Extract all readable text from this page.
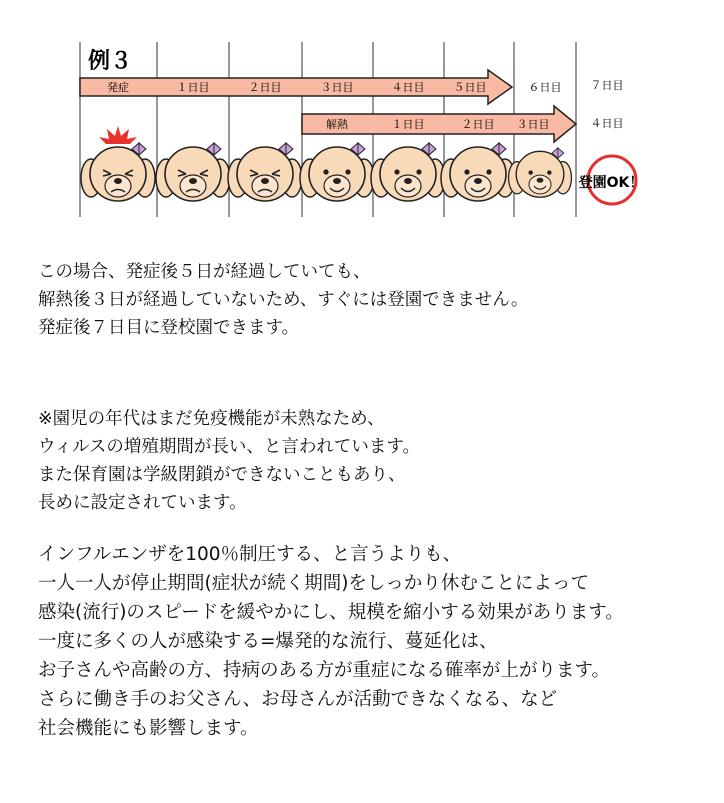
例３
発症	１日目	２日目	３日目	４日目	５日目	６日目	７日目
解熱	１日目	２日目 ３日目	４日目
登園OK！
この場合、発症後５日が経過していても、
解熱後３日が経過していないため、すぐには登園できません。
発症後７日目に登校園できます。
※園児の年代はまだ免疫機能が未熟なため、
ウィルスの増殖期間が長い、と言われています。
また保育園は学級閉鎖ができないこともあり、
長めに設定されています。
インフルエンザを100％制圧する、と言うよりも、
一人一人が停止期間(症状が続く期間)をしっかり休むことによって
感染(流行)のスピードを緩やかにし、規模を縮小する効果があります。
一度に多くの人が感染する=爆発的な流行、蔓延化は、
お子さんや高齢の方、持病のある方が重症になる確率が上がります。
さらに働き手のお父さん、お母さんが活動できなくなる、など
社会機能にも影響します。
